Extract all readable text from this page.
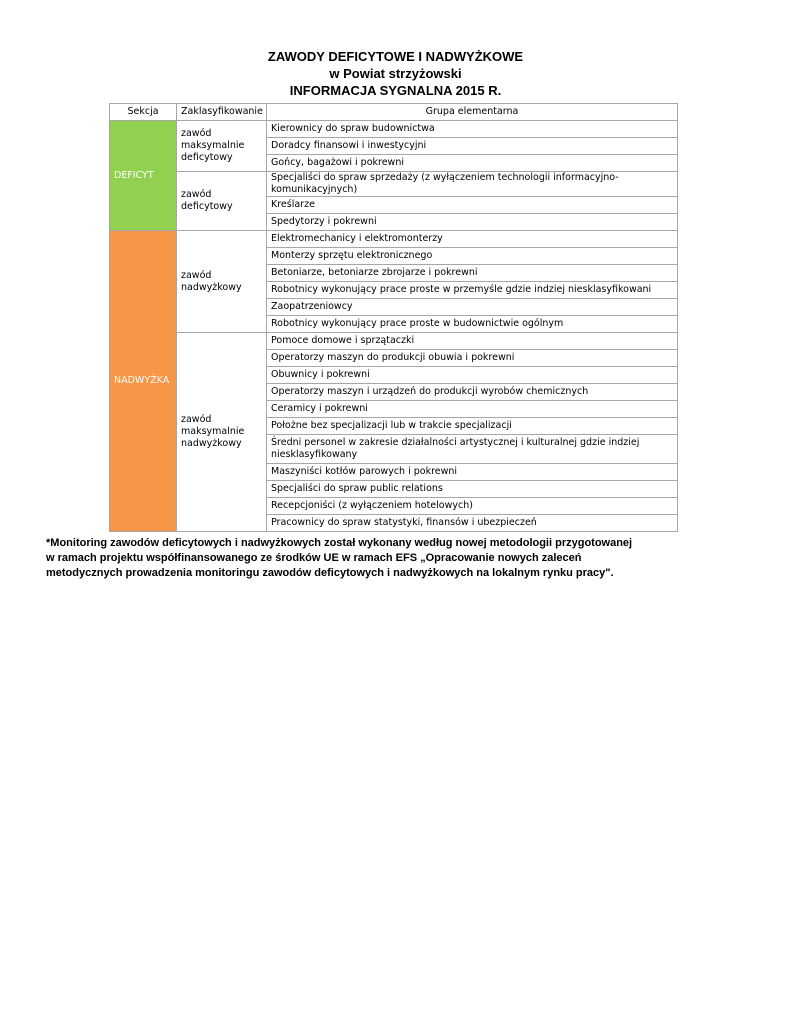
ZAWODY DEFICYTOWE I NADWYŻKOWE
w Powiat strzyżowski
INFORMACJA SYGNALNA 2015 R.
Sekcja	Zaklasyfikowanie	Grupa elementarna
DEFICYT	zawód maksymalnie deficytowy	Kierownicy do spraw budownictwa
		Doradcy finansowi i inwestycyjni
		Gońcy, bagażowi i pokrewni
	zawód deficytowy	Specjaliści do spraw sprzedaży (z wyłączeniem technologii informacyjno-komunikacyjnych)
		Kreślarze
		Spedytorzy i pokrewni
NADWYŻKA	zawód nadwyżkowy	Elektromechanicy i elektromonterzy
		Monterzy sprzętu elektronicznego
		Betoniarze, betoniarze zbrojarze i pokrewni
		Robotnicy wykonujący prace proste w przemyśle gdzie indziej niesklasyfikowani
		Zaopatrzeniowcy
		Robotnicy wykonujący prace proste w budownictwie ogólnym
	zawód maksymalnie nadwyżkowy	Pomoce domowe i sprzątaczki
		Operatorzy maszyn do produkcji obuwia i pokrewni
		Obuwnicy i pokrewni
		Operatorzy maszyn i urządzeń do produkcji wyrobów chemicznych
		Ceramicy i pokrewni
		Położne bez specjalizacji lub w trakcie specjalizacji
		Średni personel w zakresie działalności artystycznej i kulturalnej gdzie indziej niesklasyfikowany
		Maszyniści kotłów parowych i pokrewni
		Specjaliści do spraw public relations
		Recepcjoniści (z wyłączeniem hotelowych)
		Pracownicy do spraw statystyki, finansów i ubezpieczeń
*Monitoring zawodów deficytowych i nadwyżkowych został wykonany według nowej metodologii przygotowanej
w ramach projektu współfinansowanego ze środków UE w ramach EFS „Opracowanie nowych zaleceń
metodycznych prowadzenia monitoringu zawodów deficytowych i nadwyżkowych na lokalnym rynku pracy".
